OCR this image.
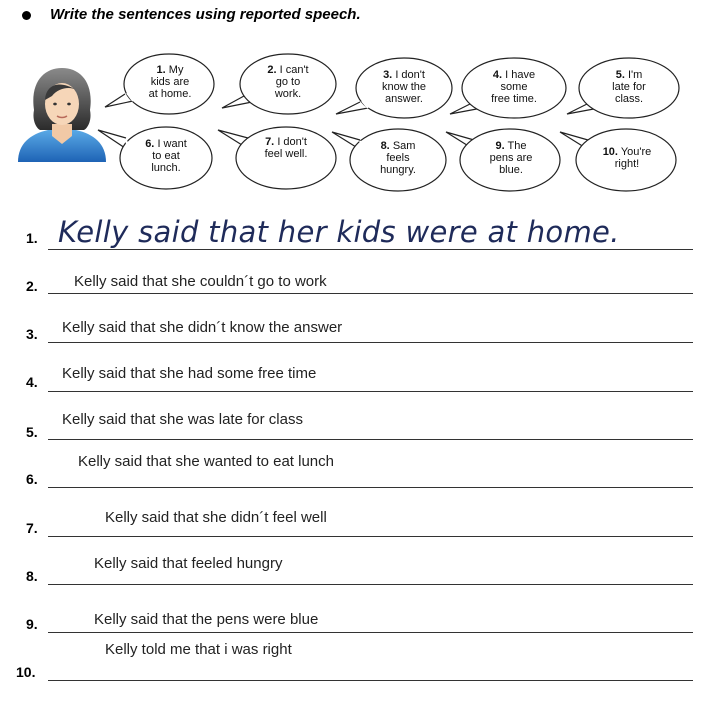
Write the sentences using reported speech.
1. My
kids are
at home.
2. I can't
go to
work.
3. I don't
know the
answer.
4. I have
some
free time.
5. I'm
late for
class.
6. I want
to eat
lunch.
7. I don't
feel well.
8. Sam
feels
hungry.
9. The
pens are
blue.
10. You're
right!
1. Kelly said that her kids were at home.
2. Kelly said that she couldn´t go to work
3. Kelly said that she didn´t know the answer
4. Kelly said that she had some free time
5.
Kelly said that she was late for class
6.
Kelly said that she wanted to eat lunch
7.
Kelly said that she didn´t feel well
8.
Kelly said that feeled hungry
9.	Kelly said that the pens were blue
10.
Kelly told me that i was right
